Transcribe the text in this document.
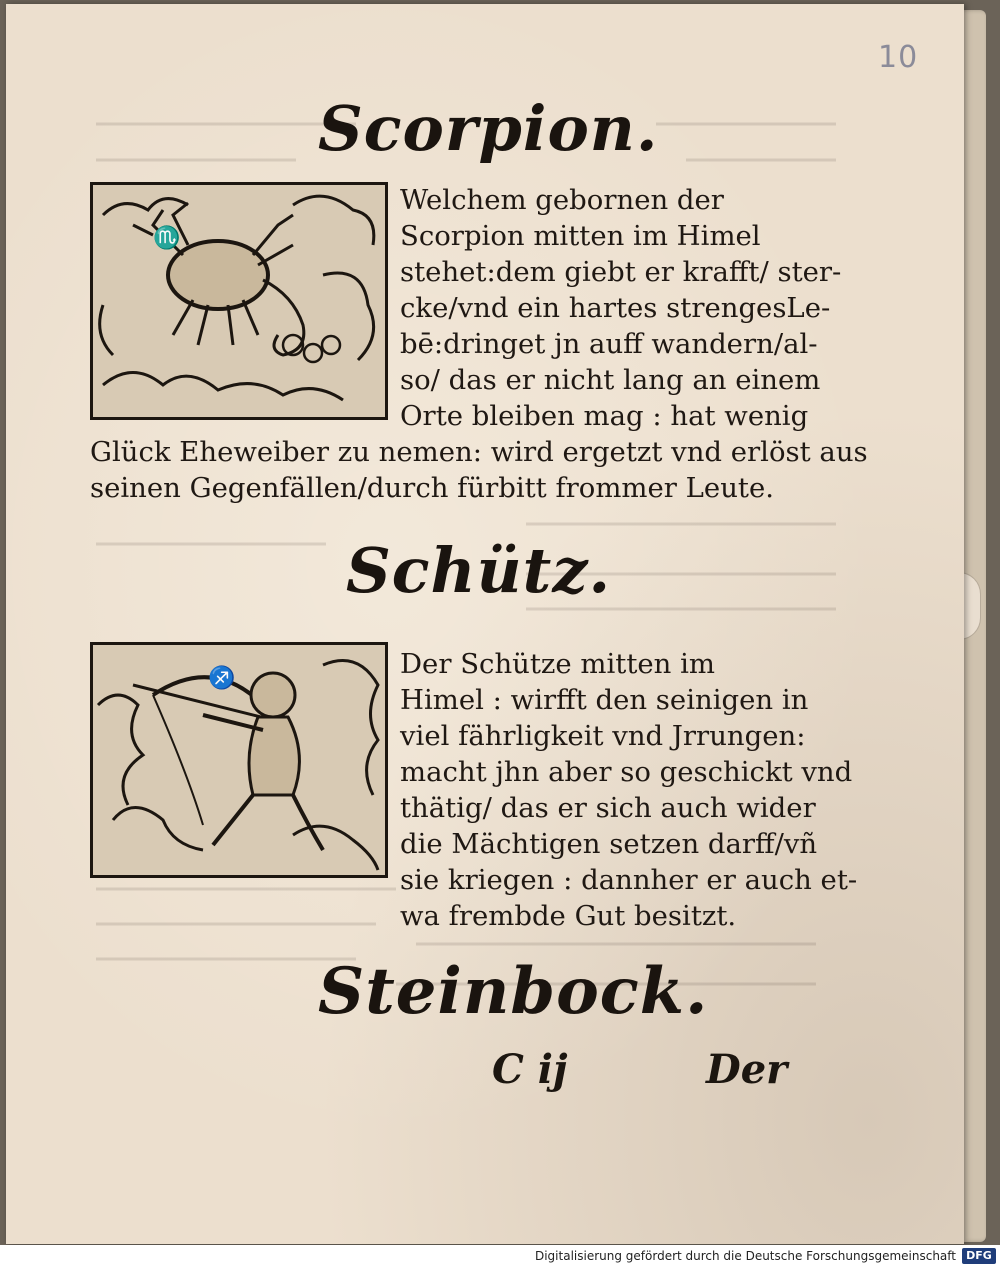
10
Scorpion.
♏
Welchem gebornen der
Scorpion mitten im Himel
stehet:dem giebt er krafft/ ster-
cke/vnd ein hartes strengesLe-
bē:dringet jn auff wandern/al-
so/ das er nicht lang an einem
Orte bleiben mag : hat wenig
Glück Eheweiber zu nemen: wird ergetzt vnd erlöst aus
seinen Gegenfällen/durch fürbitt frommer Leute.
Schütz.
♐	Der Schütze mitten im
Himel : wirfft den seinigen in
viel fährligkeit vnd Jrrungen:
macht jhn aber so geschickt vnd
thätig/ das er sich auch wider
die Mächtigen setzen darff/vñ
sie kriegen : dannher er auch et-
wa frembde Gut besitzt.
Steinbock.
C ij	Der
Digitalisierung gefördert durch die Deutsche Forschungsgemeinschaft DFG
